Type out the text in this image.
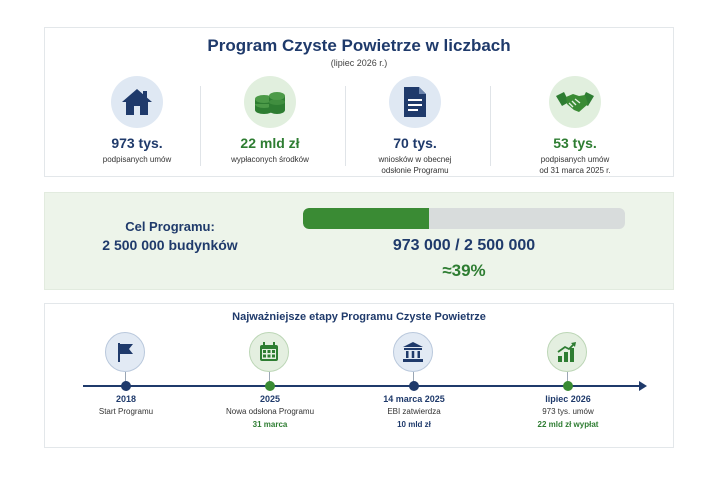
Program Czyste Powietrze w liczbach
(lipiec 2026 r.)
973 tys.
podpisanych umów
22 mld zł
wypłaconych środków
70 tys.
wniosków w obecnej
odsłonie Programu
53 tys.
podpisanych umów
od 31 marca 2025 r.
Cel Programu:
2 500 000 budynków	973 000 / 2 500 000
≈39%
Najważniejsze etapy Programu Czyste Powietrze
2018
Start Programu
2025
Nowa odsłona Programu
31 marca
14 marca 2025
EBI zatwierdza
10 mld zł
lipiec 2026
973 tys. umów
22 mld zł wypłat
